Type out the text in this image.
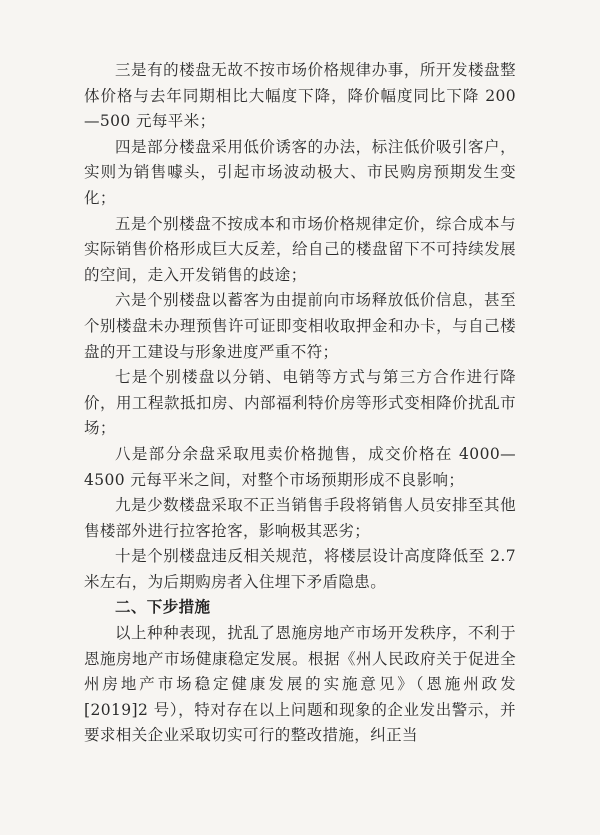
三是有的楼盘无故不按市场价格规律办事，所开发楼盘整体价格与去年同期相比大幅度下降，降价幅度同比下降 200—500 元每平米；

四是部分楼盘采用低价诱客的办法，标注低价吸引客户，实则为销售噱头，引起市场波动极大、市民购房预期发生变化；

五是个别楼盘不按成本和市场价格规律定价，综合成本与实际销售价格形成巨大反差，给自己的楼盘留下不可持续发展的空间，走入开发销售的歧途；

六是个别楼盘以蓄客为由提前向市场释放低价信息，甚至个别楼盘未办理预售许可证即变相收取押金和办卡，与自己楼盘的开工建设与形象进度严重不符；

七是个别楼盘以分销、电销等方式与第三方合作进行降价，用工程款抵扣房、内部福利特价房等形式变相降价扰乱市场；

八是部分余盘采取甩卖价格抛售，成交价格在 4000—4500 元每平米之间，对整个市场预期形成不良影响；

九是少数楼盘采取不正当销售手段将销售人员安排至其他售楼部外进行拉客抢客，影响极其恶劣；

十是个别楼盘违反相关规范，将楼层设计高度降低至 2.7 米左右，为后期购房者入住埋下矛盾隐患。

二、下步措施

以上种种表现，扰乱了恩施房地产市场开发秩序，不利于恩施房地产市场健康稳定发展。根据《州人民政府关于促进全州房地产市场稳定健康发展的实施意见》（恩施州政发[2019]2 号），特对存在以上问题和现象的企业发出警示，并要求相关企业采取切实可行的整改措施，纠正当
